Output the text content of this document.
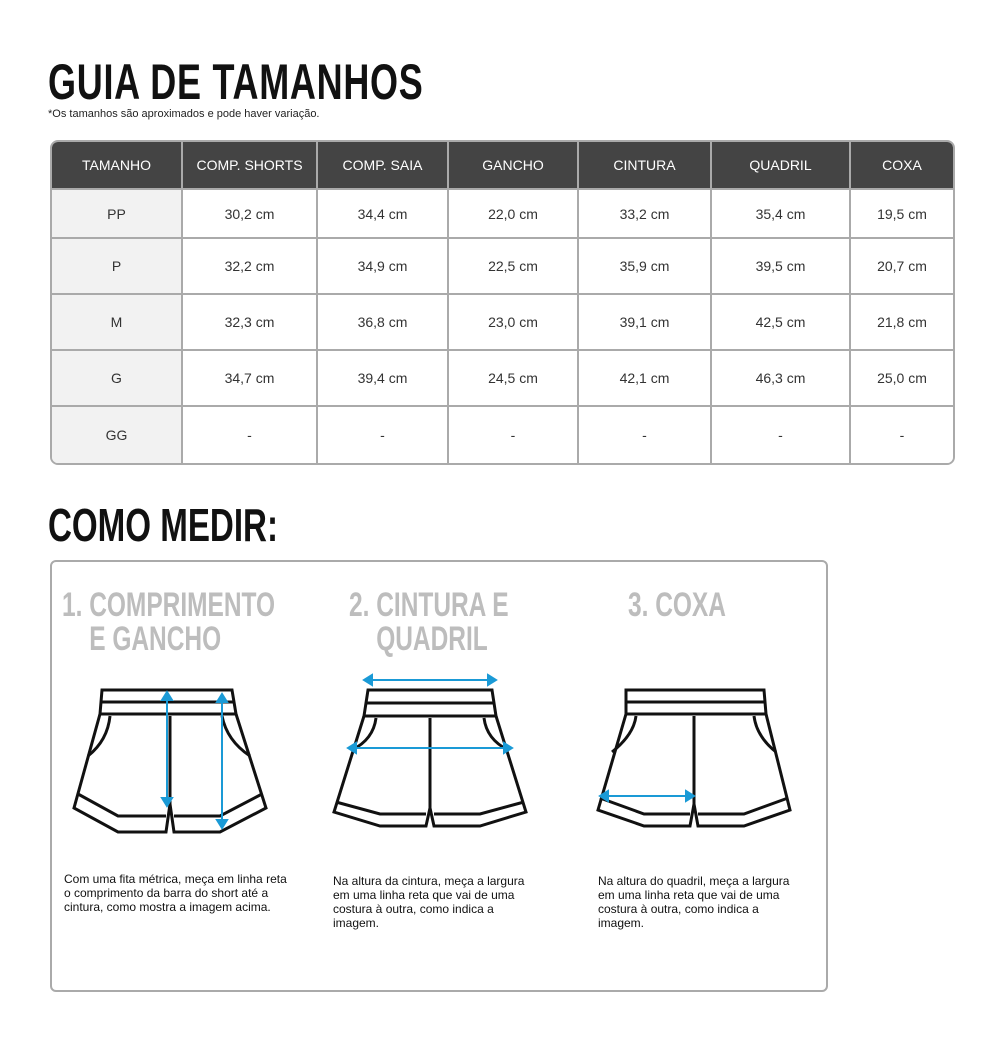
GUIA DE TAMANHOS
*Os tamanhos são aproximados e pode haver variação.
TAMANHO	COMP. SHORTS	COMP. SAIA	GANCHO	CINTURA	QUADRIL	COXA
PP	30,2 cm	34,4 cm	22,0 cm	33,2 cm	35,4 cm	19,5 cm
P	32,2 cm	34,9 cm	22,5 cm	35,9 cm	39,5 cm	20,7 cm
M	32,3 cm	36,8 cm	23,0 cm	39,1 cm	42,5 cm	21,8 cm
G	34,7 cm	39,4 cm	24,5 cm	42,1 cm	46,3 cm	25,0 cm
GG	-	-	-	-	-	-
COMO MEDIR:
1. COMPRIMENTO
E GANCHO
2. CINTURA E
QUADRIL
3. COXA
Com uma fita métrica, meça em linha reta o comprimento da barra do short até a cintura, como mostra a imagem acima.
Na altura da cintura, meça a largura em uma linha reta que vai de uma costura à outra, como indica a imagem.
Na altura do quadril, meça a largura em uma linha reta que vai de uma costura à outra, como indica a imagem.
